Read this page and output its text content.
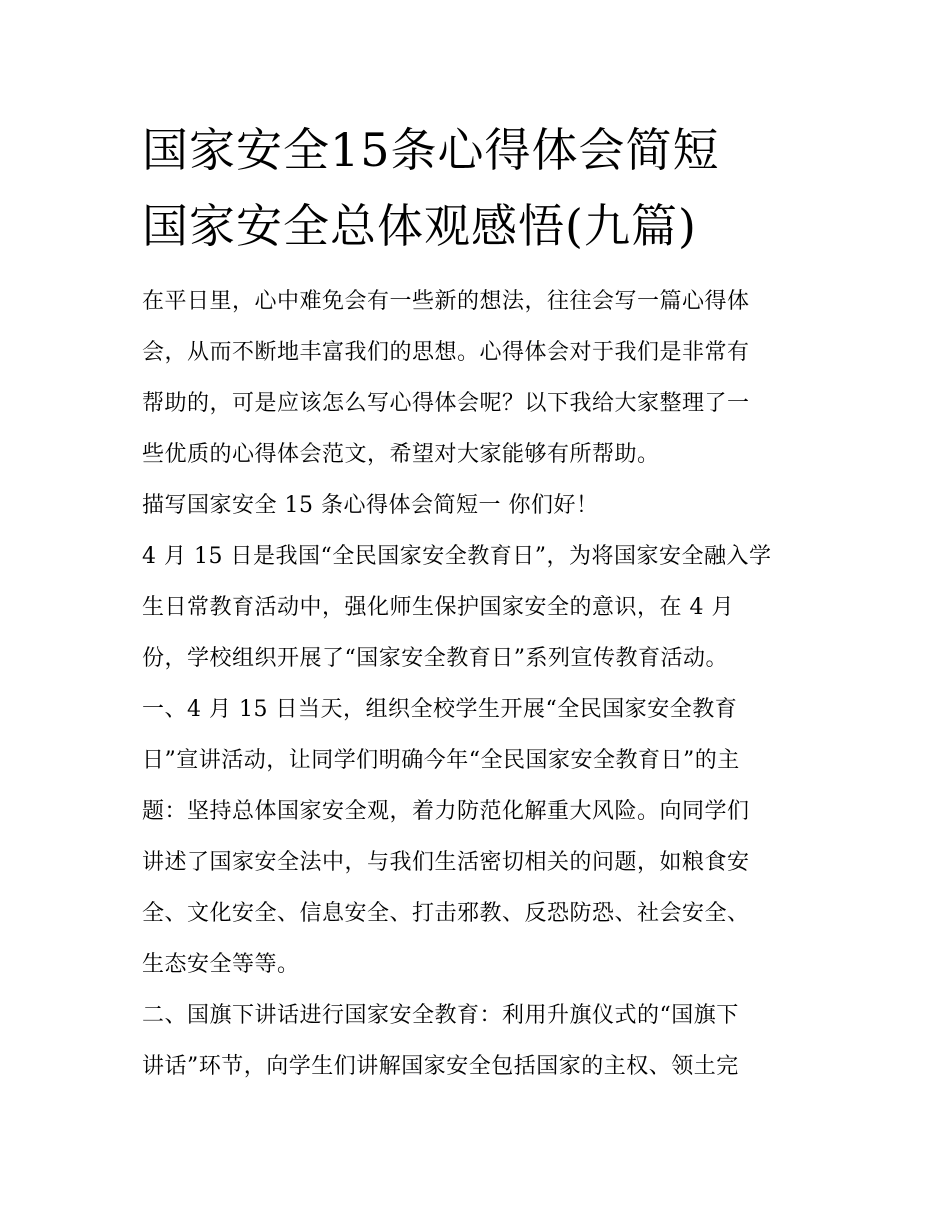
国家安全15条心得体会简短
国家安全总体观感悟(九篇)

在平日里，心中难免会有一些新的想法，往往会写一篇心得体
会，从而不断地丰富我们的思想。心得体会对于我们是非常有
帮助的，可是应该怎么写心得体会呢？以下我给大家整理了一
些优质的心得体会范文，希望对大家能够有所帮助。

描写国家安全 15 条心得体会简短一 你们好！

4 月 15 日是我国“全民国家安全教育日”，为将国家安全融入学
生日常教育活动中，强化师生保护国家安全的意识，在 4 月
份，学校组织开展了“国家安全教育日”系列宣传教育活动。

一、4 月 15 日当天，组织全校学生开展“全民国家安全教育
日”宣讲活动，让同学们明确今年“全民国家安全教育日”的主
题：坚持总体国家安全观，着力防范化解重大风险。向同学们
讲述了国家安全法中，与我们生活密切相关的问题，如粮食安
全、文化安全、信息安全、打击邪教、反恐防恐、社会安全、
生态安全等等。

二、国旗下讲话进行国家安全教育：利用升旗仪式的“国旗下
讲话”环节，向学生们讲解国家安全包括国家的主权、领土完
